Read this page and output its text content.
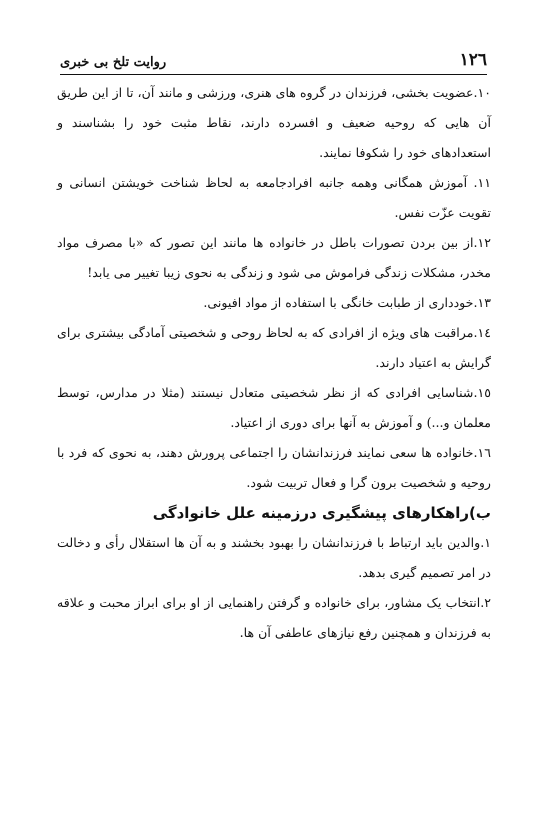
١٢٦
روایت تلخ بی خبری

١٠.عضویت بخشی، فرزندان در گروه های هنری، ورزشی و مانند آن، تا از این طریق آن هایی که روحیه ضعیف و افسرده دارند، نقاط مثبت خود را بشناسند و استعدادهای خود را شکوفا نمایند.

١١. آموزش همگانی وهمه جانبه افرادجامعه به لحاظ شناخت خویشتن انسانی و تقویت عزّت نفس.

١٢.از بین بردن تصورات باطل در خانواده ها مانند این تصور که «با مصرف مواد مخدر، مشکلات زندگی فراموش می شود و زندگی به نحوی زیبا تغییر می یابد!

١٣.خودداری از طبابت خانگی با استفاده از مواد افیونی.

١٤.مراقبت های ویژه از افرادی که به لحاظ روحی و شخصیتی آمادگی بیشتری برای گرایش به اعتیاد دارند.

١٥.شناسایی افرادی که از نظر شخصیتی متعادل نیستند (مثلا در مدارس، توسط معلمان و...) و آموزش به آنها برای دوری از اعتیاد.

١٦.خانواده ها سعی نمایند فرزندانشان را اجتماعی پرورش دهند، به نحوی که فرد با روحیه و شخصیت برون گرا و فعال تربیت شود.

ب)راهکارهای پیشگیری درزمینه علل خانوادگی

١.والدین باید ارتباط با فرزندانشان را بهبود بخشند و به آن ها استقلال رأی و دخالت در امر تصمیم گیری بدهد.

٢.انتخاب یک مشاور، برای خانواده و گرفتن راهنمایی از او برای ابراز محبت و علاقه به فرزندان و همچنین رفع نیازهای عاطفی آن ها.
